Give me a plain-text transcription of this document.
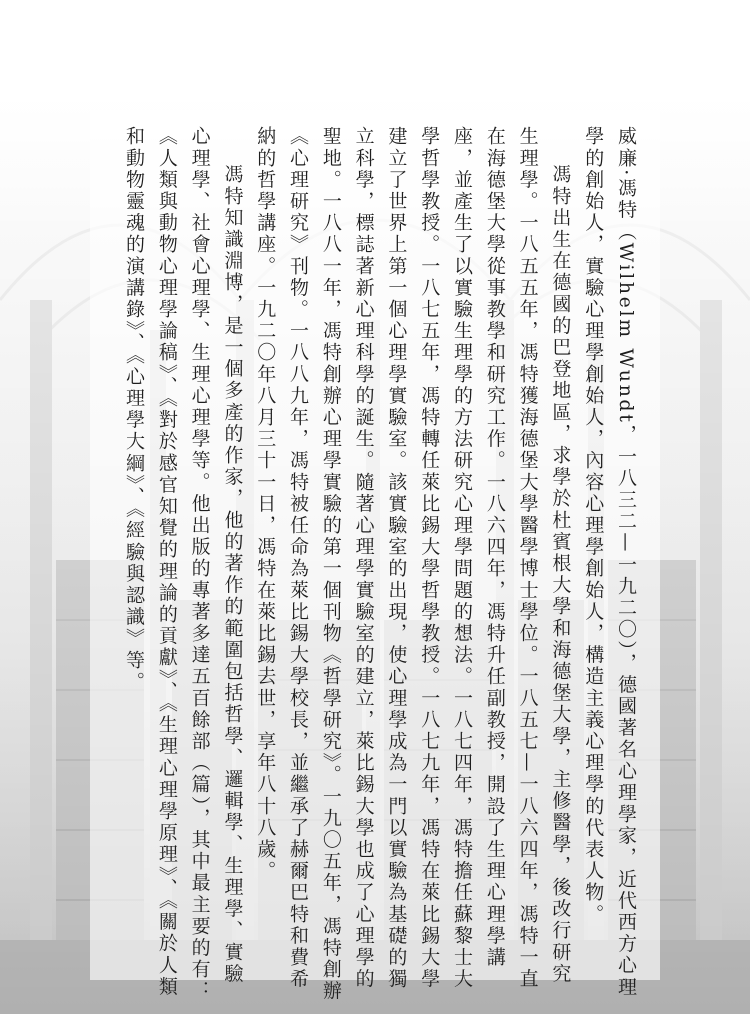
威廉·馮特（Wilhelm Wundt，一八三二—一九二〇），德國著名心理學家，近代西方心理學的創始人，實驗心理學創始人，內容心理學創始人，構造主義心理學的代表人物。

馮特出生在德國的巴登地區，求學於杜賓根大學和海德堡大學，主修醫學，後改行研究生理學。一八五五年，馮特獲海德堡大學醫學博士學位。一八五七—一八六四年，馮特一直在海德堡大學從事教學和研究工作。一八六四年，馮特升任副教授，開設了生理心理學講座，並產生了以實驗生理學的方法研究心理學問題的想法。一八七四年，馮特擔任蘇黎士大學哲學教授。一八七五年，馮特轉任萊比錫大學哲學教授。一八七九年，馮特在萊比錫大學建立了世界上第一個心理學實驗室。該實驗室的出現，使心理學成為一門以實驗為基礎的獨立科學，標誌著新心理科學的誕生。隨著心理學實驗室的建立，萊比錫大學也成了心理學的聖地。一八八一年，馮特創辦心理學實驗的第一個刊物《哲學研究》。一九〇五年，馮特創辦《心理研究》刊物。一八八九年，馮特被任命為萊比錫大學校長，並繼承了赫爾巴特和費希納的哲學講座。一九二〇年八月三十一日，馮特在萊比錫去世，享年八十八歲。

馮特知識淵博，是一個多產的作家，他的著作的範圍包括哲學、邏輯學、生理學、實驗心理學、社會心理學、生理心理學等。他出版的專著多達五百餘部（篇），其中最主要的有：《人類與動物心理學論稿》、《對於感官知覺的理論的貢獻》、《生理心理學原理》、《關於人類和動物靈魂的演講錄》、《心理學大綱》、《經驗與認識》等。
